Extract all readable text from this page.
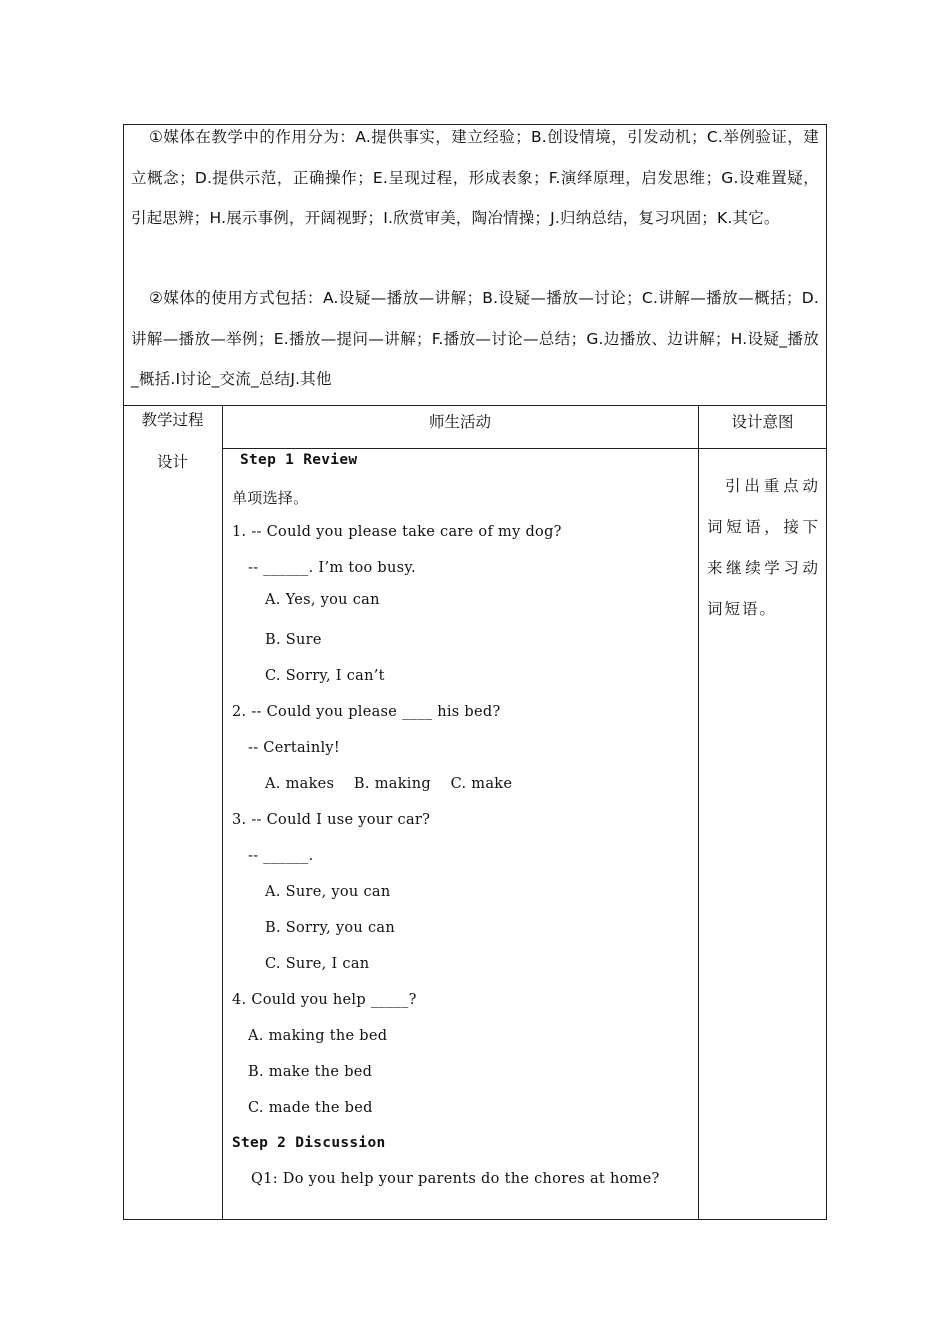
①媒体在教学中的作用分为：A.提供事实，建立经验；B.创设情境，引发动机；C.举例验证，建立概念；D.提供示范，正确操作；E.呈现过程，形成表象；F.演绎原理，启发思维；G.设难置疑，引起思辨；H.展示事例，开阔视野；I.欣赏审美，陶冶情操；J.归纳总结，复习巩固；K.其它。

②媒体的使用方式包括：A.设疑—播放—讲解；B.设疑—播放—讨论；C.讲解—播放—概括；D.讲解—播放—举例；E.播放—提问—讲解；F.播放—讨论—总结；G.边播放、边讲解；H.设疑_播放_概括.I讨论_交流_总结J.其他

教学过程
设计
师生活动	设计意图
Step 1 Review
单项选择。
1. -- Could you please take care of my dog?
-- ______. I’m too busy.
A. Yes, you can
B. Sure
C. Sorry, I can’t
2. -- Could you please ____ his bed?
-- Certainly!
A. makes    B. making    C. make
3. -- Could I use your car?
-- ______.
A. Sure, you can
B. Sorry, you can
C. Sure, I can
4. Could you help _____?
A. making the bed
B. make the bed
C. made the bed
Step 2 Discussion
Q1: Do you help your parents do the chores at home?
引出重点动词短语，接下来继续学习动词短语。
